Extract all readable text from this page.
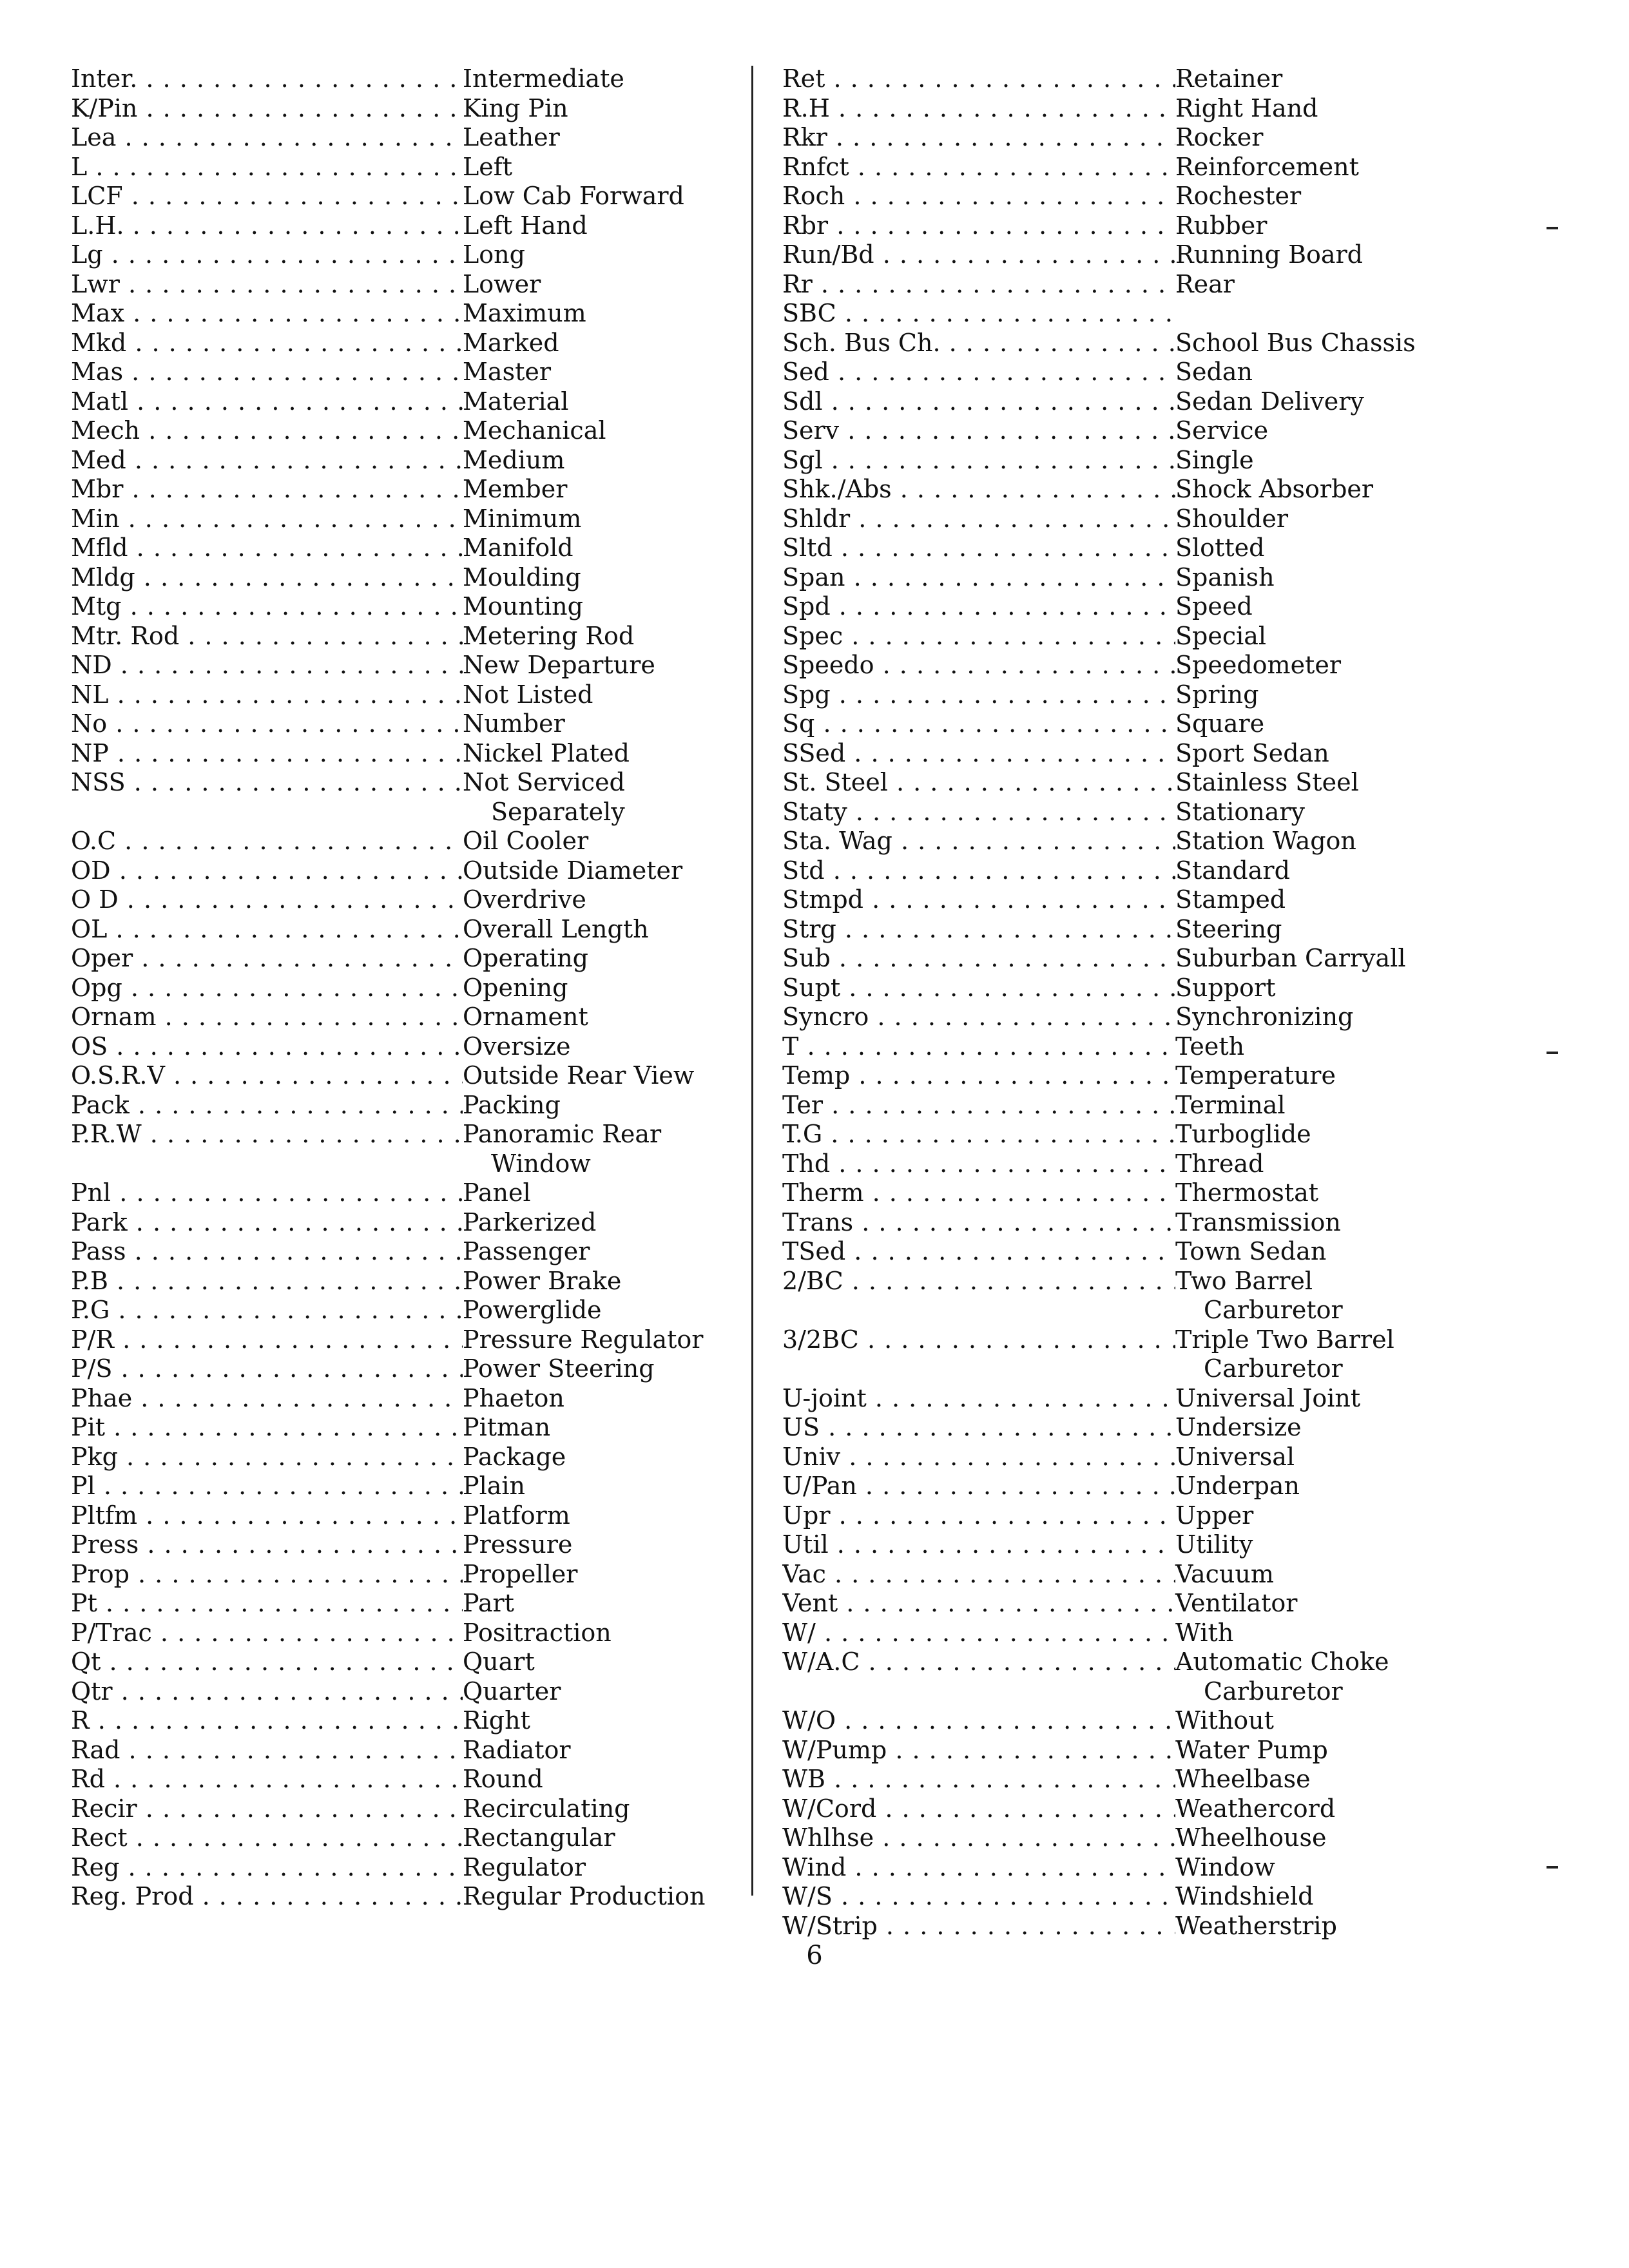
Inter. . . .	Intermediate
K/Pin . . .	King Pin
Lea . . .	Leather
L . . .	Left
LCF . . .	Low Cab Forward
L.H. . . .	Left Hand
Lg . . .	Long
Lwr . . .	Lower
Max . . .	Maximum
Mkd . . .	Marked
Mas . . .	Master
Matl . . .	Material
Mech . . .	Mechanical
Med . . .	Medium
Mbr . . .	Member
Min . . .	Minimum
Mfld . . .	Manifold
Mldg . . .	Moulding
Mtg . . .	Mounting
Mtr. Rod . . .	Metering Rod
ND . . .	New Departure
NL . . .	Not Listed
No . . .	Number
NP . . .	Nickel Plated
NSS . . .	Not Serviced
Separately
O.C . . .	Oil Cooler
OD . . .	Outside Diameter
O D . . .	Overdrive
OL . . .	Overall Length
Oper . . .	Operating
Opg . . .	Opening
Ornam . . .	Ornament
OS . . .	Oversize
O.S.R.V . . .	Outside Rear View
Pack . . .	Packing
P.R.W . . .	Panoramic Rear
Window
Pnl . . .	Panel
Park . . .	Parkerized
Pass . . .	Passenger
P.B . . .	Power Brake
P.G . . .	Powerglide
P/R . . .	Pressure Regulator
P/S . . .	Power Steering
Phae . . .	Phaeton
Pit . . .	Pitman
Pkg . . .	Package
Pl . . .	Plain
Pltfm . . .	Platform
Press . . .	Pressure
Prop . . .	Propeller
Pt . . .	Part
P/Trac . . .	Positraction
Qt . . .	Quart
Qtr . . .	Quarter
R . . .	Right
Rad . . .	Radiator
Rd . . .	Round
Recir . . .	Recirculating
Rect . . .	Rectangular
Reg . . .	Regulator
Reg. Prod . . .	Regular Production
Ret . . .	Retainer
R.H . . .	Right Hand
Rkr . . .	Rocker
Rnfct . . .	Reinforcement
Roch . . .	Rochester
Rbr . . .	Rubber
Run/Bd . . .	Running Board
Rr . . .	Rear
SBC . . .
Sch. Bus Ch. . . .	School Bus Chassis
Sed . . .	Sedan
Sdl . . .	Sedan Delivery
Serv . . .	Service
Sgl . . .	Single
Shk./Abs . . .	Shock Absorber
Shldr . . .	Shoulder
Sltd . . .	Slotted
Span . . .	Spanish
Spd . . .	Speed
Spec . . .	Special
Speedo . . .	Speedometer
Spg . . .	Spring
Sq . . .	Square
SSed . . .	Sport Sedan
St. Steel . . .	Stainless Steel
Staty . . .	Stationary
Sta. Wag . . .	Station Wagon
Std . . .	Standard
Stmpd . . .	Stamped
Strg . . .	Steering
Sub . . .	Suburban Carryall
Supt . . .	Support
Syncro . . .	Synchronizing
T . . .	Teeth
Temp . . .	Temperature
Ter . . .	Terminal
T.G . . .	Turboglide
Thd . . .	Thread
Therm . . .	Thermostat
Trans . . .	Transmission
TSed . . .	Town Sedan
2/BC . . .	Two Barrel
Carburetor
3/2BC . . .	Triple Two Barrel
Carburetor
U-joint . . .	Universal Joint
US . . .	Undersize
Univ . . .	Universal
U/Pan . . .	Underpan
Upr . . .	Upper
Util . . .	Utility
Vac . . .	Vacuum
Vent . . .	Ventilator
W/ . . .	With
W/A.C . . .	Automatic Choke
Carburetor
W/O . . .	Without
W/Pump . . .	Water Pump
WB . . .	Wheelbase
W/Cord . . .	Weathercord
Whlhse . . .	Wheelhouse
Wind . . .	Window
W/S . . .	Windshield
W/Strip . . .	Weatherstrip
6
